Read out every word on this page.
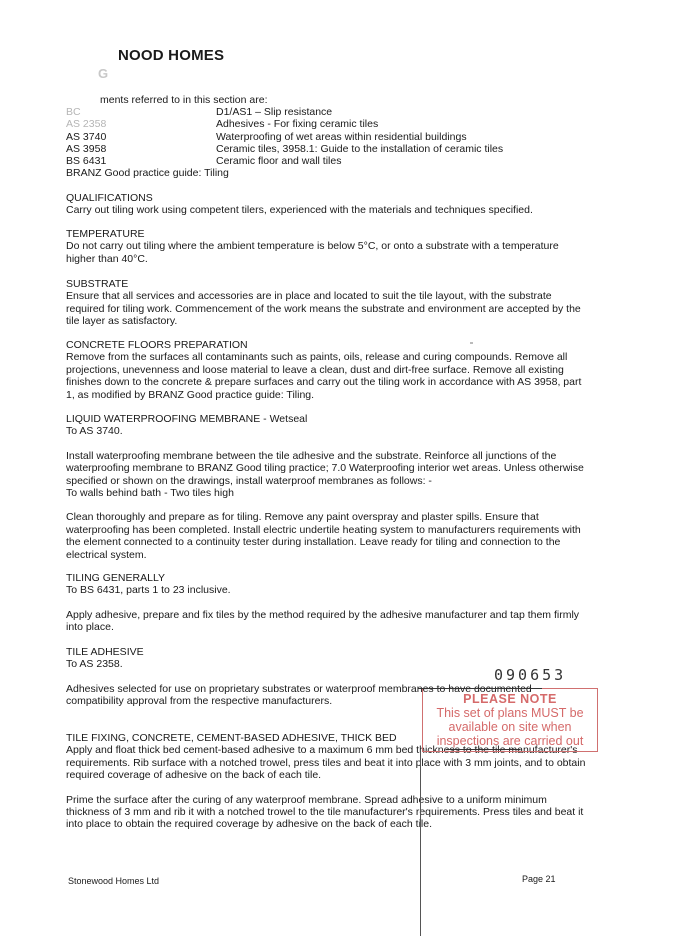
NOOD HOMES
G
ments referred to in this section are:
BC	D1/AS1 – Slip resistance
AS 2358	Adhesives - For fixing ceramic tiles
AS 3740	Waterproofing of wet areas within residential buildings
AS 3958	Ceramic tiles, 3958.1: Guide to the installation of ceramic tiles
BS 6431	Ceramic floor and wall tiles
BRANZ Good practice guide: Tiling

QUALIFICATIONS

Carry out tiling work using competent tilers, experienced with the materials and techniques specified.

TEMPERATURE

Do not carry out tiling where the ambient temperature is below 5°C, or onto a substrate with a temperature higher than 40°C.

SUBSTRATE

Ensure that all services and accessories are in place and located to suit the tile layout, with the substrate required for tiling work. Commencement of the work means the substrate and environment are accepted by the tile layer as satisfactory.

CONCRETE FLOORS PREPARATION

Remove from the surfaces all contaminants such as paints, oils, release and curing compounds. Remove all projections, unevenness and loose material to leave a clean, dust and dirt-free surface. Remove all existing finishes down to the concrete & prepare surfaces and carry out the tiling work in accordance with AS 3958, part 1, as modified by BRANZ Good practice guide: Tiling.

LIQUID WATERPROOFING MEMBRANE - Wetseal

To AS 3740.

Install waterproofing membrane between the tile adhesive and the substrate. Reinforce all junctions of the waterproofing membrane to BRANZ Good tiling practice; 7.0 Waterproofing interior wet areas. Unless otherwise specified or shown on the drawings, install waterproof membranes as follows: -

To walls behind bath - Two tiles high

Clean thoroughly and prepare as for tiling. Remove any paint overspray and plaster spills. Ensure that waterproofing has been completed. Install electric undertile heating system to manufacturers requirements with the element connected to a continuity tester during installation. Leave ready for tiling and connection to the electrical system.

TILING GENERALLY

To BS 6431, parts 1 to 23 inclusive.

Apply adhesive, prepare and fix tiles by the method required by the adhesive manufacturer and tap them firmly into place.

TILE ADHESIVE

To AS 2358.

Adhesives selected for use on proprietary substrates or waterproof membranes to have documented compatibility approval from the respective manufacturers.

TILE FIXING, CONCRETE, CEMENT-BASED ADHESIVE, THICK BED

Apply and float thick bed cement-based adhesive to a maximum 6 mm bed thickness to the tile manufacturer's requirements. Rib surface with a notched trowel, press tiles and beat it into place with 3 mm joints, and to obtain required coverage of adhesive on the back of each tile.

Prime the surface after the curing of any waterproof membrane. Spread adhesive to a uniform minimum thickness of 3 mm and rib it with a notched trowel to the tile manufacturer's requirements. Press tiles and beat it into place to obtain the required coverage by adhesive on the back of each tile.

090653
PLEASE NOTE
This set of plans MUST be
available on site when
inspections are carried out
Stonewood Homes Ltd	Page 21
